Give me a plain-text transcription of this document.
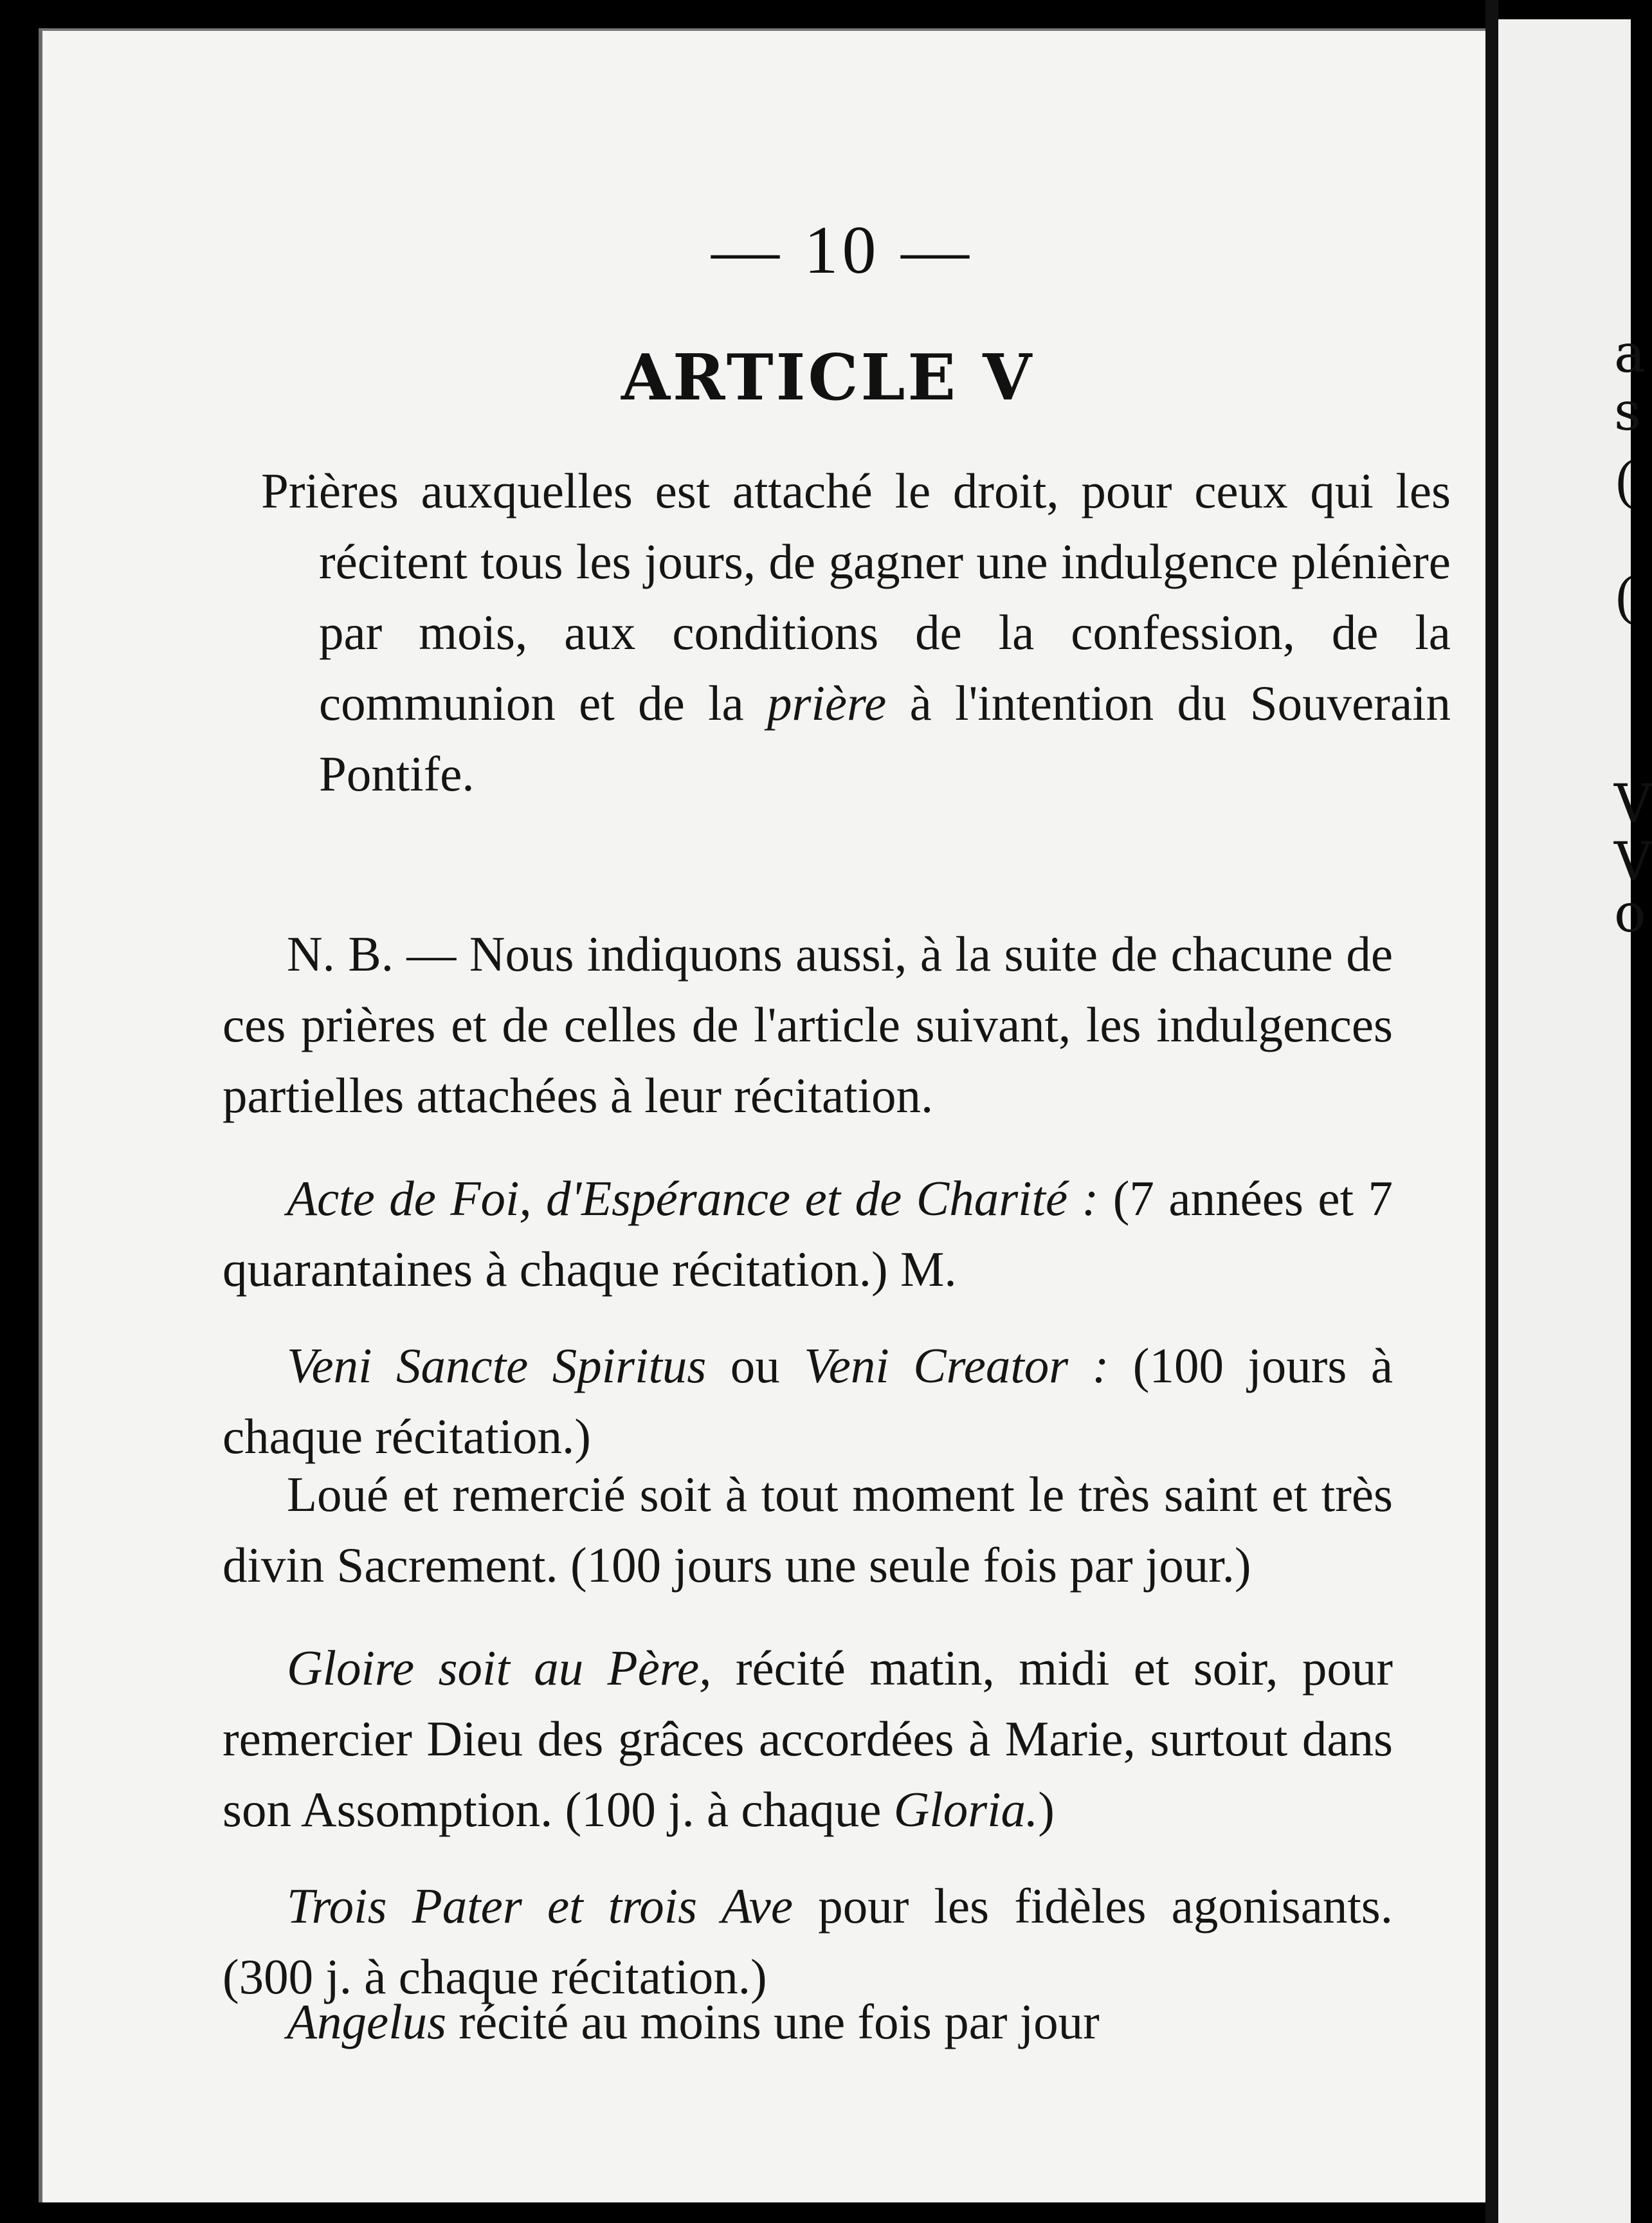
— 10 —
ARTICLE V
Prières auxquelles est attaché le droit, pour ceux qui les récitent tous les jours, de gagner une indulgence plénière par mois, aux conditions de la confession, de la communion et de la prière à l'intention du Souverain Pontife.
N. B. — Nous indiquons aussi, à la suite de chacune de ces prières et de celles de l'article suivant, les indulgences partielles attachées à leur récitation.
Acte de Foi, d'Espérance et de Charité : (7 années et 7 quarantaines à chaque récitation.) M.
Veni Sancte Spiritus ou Veni Creator : (100 jours à chaque récitation.)
Loué et remercié soit à tout moment le très saint et très divin Sacrement. (100 jours une seule fois par jour.)
Gloire soit au Père, récité matin, midi et soir, pour remercier Dieu des grâces accordées à Marie, surtout dans son Assomption. (100 j. à chaque Gloria.)
Trois Pater et trois Ave pour les fidèles agonisants. (300 j. à chaque récitation.)
Angelus récité au moins une fois par jour
a
s
(
(
V
V
o
